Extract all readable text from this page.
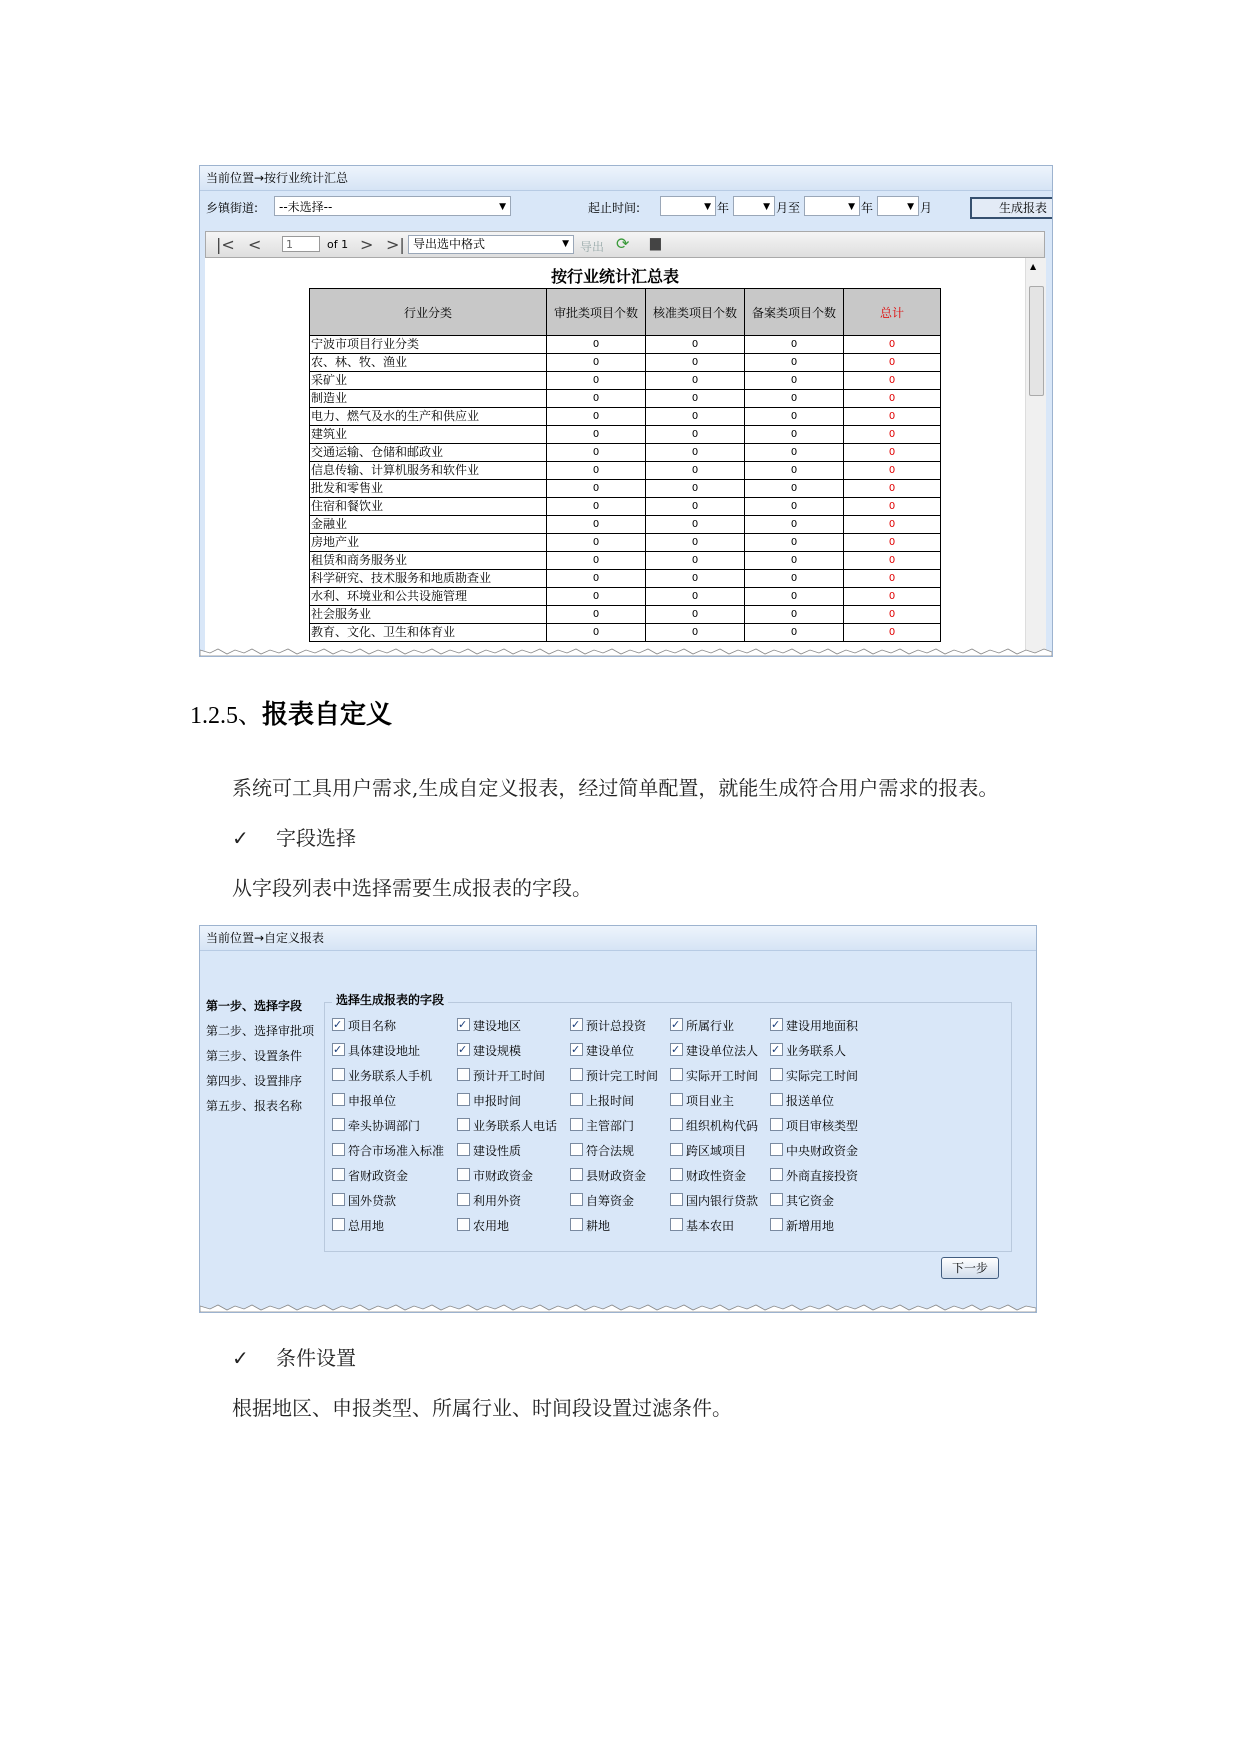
当前位置→按行业统计汇总
乡镇街道:	--未选择--	▼	起止时间:	▼ 年	▼ 月至	▼ 年	▼ 月	生成报表
|< <	1	of 1 > >| 导出选中格式	▼ 导出 ⟳ ▆
按行业统计汇总表
行业分类	审批类项目个数	核准类项目个数	备案类项目个数	总计
宁波市项目行业分类	0	0	0	0
农、林、牧、渔业	0	0	0	0
采矿业	0	0	0	0
制造业	0	0	0	0
电力、燃气及水的生产和供应业	0	0	0	0
建筑业	0	0	0	0
交通运输、仓储和邮政业	0	0	0	0
信息传输、计算机服务和软件业	0	0	0	0
批发和零售业	0	0	0	0
住宿和餐饮业	0	0	0	0
金融业	0	0	0	0
房地产业	0	0	0	0
租赁和商务服务业	0	0	0	0
科学研究、技术服务和地质勘查业	0	0	0	0
水利、环境业和公共设施管理	0	0	0	0
社会服务业	0	0	0	0
教育、文化、卫生和体育业	0	0	0	0
▲
1.2.5、报表自定义
系统可工具用户需求,生成自定义报表，经过简单配置，就能生成符合用户需求的报表。
✓ 字段选择
从字段列表中选择需要生成报表的字段。
当前位置→自定义报表
第一步、选择字段
第二步、选择审批项
第三步、设置条件
第四步、设置排序
第五步、报表名称
选择生成报表的字段
✓项目名称 ✓	建设地区 ✓	预计总投资 ✓	所属行业 ✓	建设用地面积
✓具体建设地址 ✓	建设规模 ✓	建设单位 ✓	建设单位法人 ✓	业务联系人
业务联系人手机	预计开工时间	预计完工时间	实际开工时间	实际完工时间
申报单位	申报时间	上报时间	项目业主	报送单位
牵头协调部门	业务联系人电话	主管部门	组织机构代码	项目审核类型
符合市场准入标准	建设性质	符合法规	跨区域项目	中央财政资金
省财政资金	市财政资金	县财政资金	财政性资金	外商直接投资
国外贷款	利用外资	自筹资金	国内银行贷款	其它资金
总用地	农用地	耕地	基本农田	新增用地
下一步
✓ 条件设置
根据地区、申报类型、所属行业、时间段设置过滤条件。
